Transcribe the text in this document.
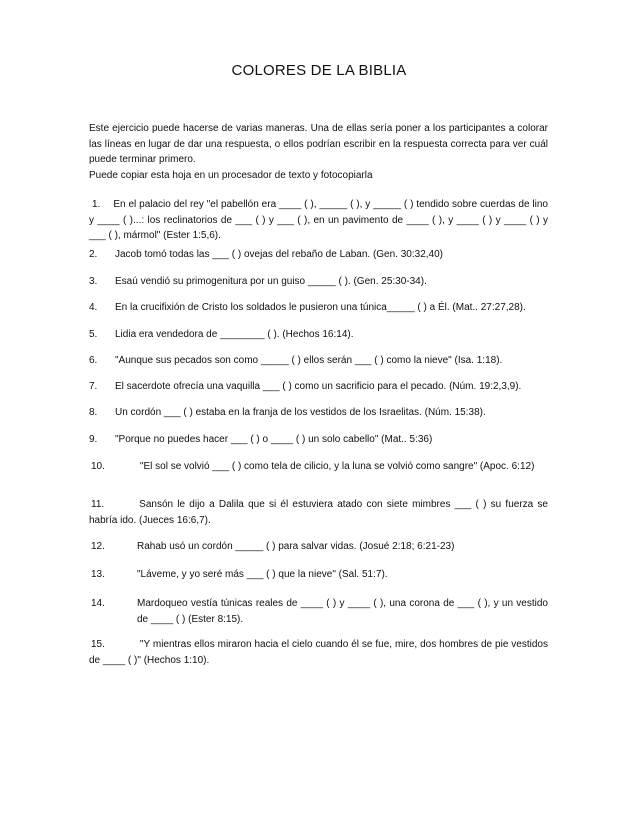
COLORES DE LA BIBLIA
Este ejercicio puede hacerse de varias maneras. Una de ellas sería poner a los participantes a colorar las líneas en lugar de dar una respuesta, o ellos podrían escribir en la respuesta correcta para ver cuál puede terminar primero.
Puede copiar esta hoja en un procesador de texto y fotocopiarla
1. En el palacio del rey "el pabellón era ____ ( ), _____ ( ), y _____ ( ) tendido sobre cuerdas de lino y ____ ( )...: los reclinatorios de ___ ( ) y ___ ( ), en un pavimento de ____ ( ), y ____ ( ) y ____ ( ) y ___ ( ), mármol" (Ester 1:5,6).
2. Jacob tomó todas las ___ ( ) ovejas del rebaño de Laban. (Gen. 30:32,40)
3. Esaú vendió su primogenitura por un guiso _____ ( ). (Gen. 25:30-34).
4. En la crucifixión de Cristo los soldados le pusieron una túnica_____ ( ) a Él. (Mat.. 27:27,28).
5. Lidia era vendedora de ________ ( ). (Hechos 16:14).
6. "Aunque sus pecados son como _____ ( ) ellos serán ___ ( ) como la nieve" (Isa. 1:18).
7. El sacerdote ofrecía una vaquilla ___ ( ) como un sacrificio para el pecado. (Núm. 19:2,3,9).
8. Un cordón ___ ( ) estaba en la franja de los vestidos de los Israelitas. (Núm. 15:38).
9. "Porque no puedes hacer ___ ( ) o ____ ( ) un solo cabello" (Mat.. 5:36)
10.	"El sol se volvió ___ ( ) como tela de cilicio, y la luna se volvió como sangre" (Apoc. 6:12)
11.	Sansón le dijo a Dalila que si él estuviera atado con siete mimbres ___ ( ) su fuerza se habría ido. (Jueces 16:6,7).
12.	Rahab usó un cordón _____ ( ) para salvar vidas. (Josué 2:18; 6:21-23)
13.	"Láveme, y yo seré más ___ ( ) que la nieve" (Sal. 51:7).
14.	Mardoqueo vestía túnicas reales de ____ ( ) y ____ ( ), una corona de ___ ( ), y un vestido de ____ ( ) (Ester 8:15).
15.	"Y mientras ellos miraron hacia el cielo cuando él se fue, mire, dos hombres de pie vestidos de ____ ( )" (Hechos 1:10).
